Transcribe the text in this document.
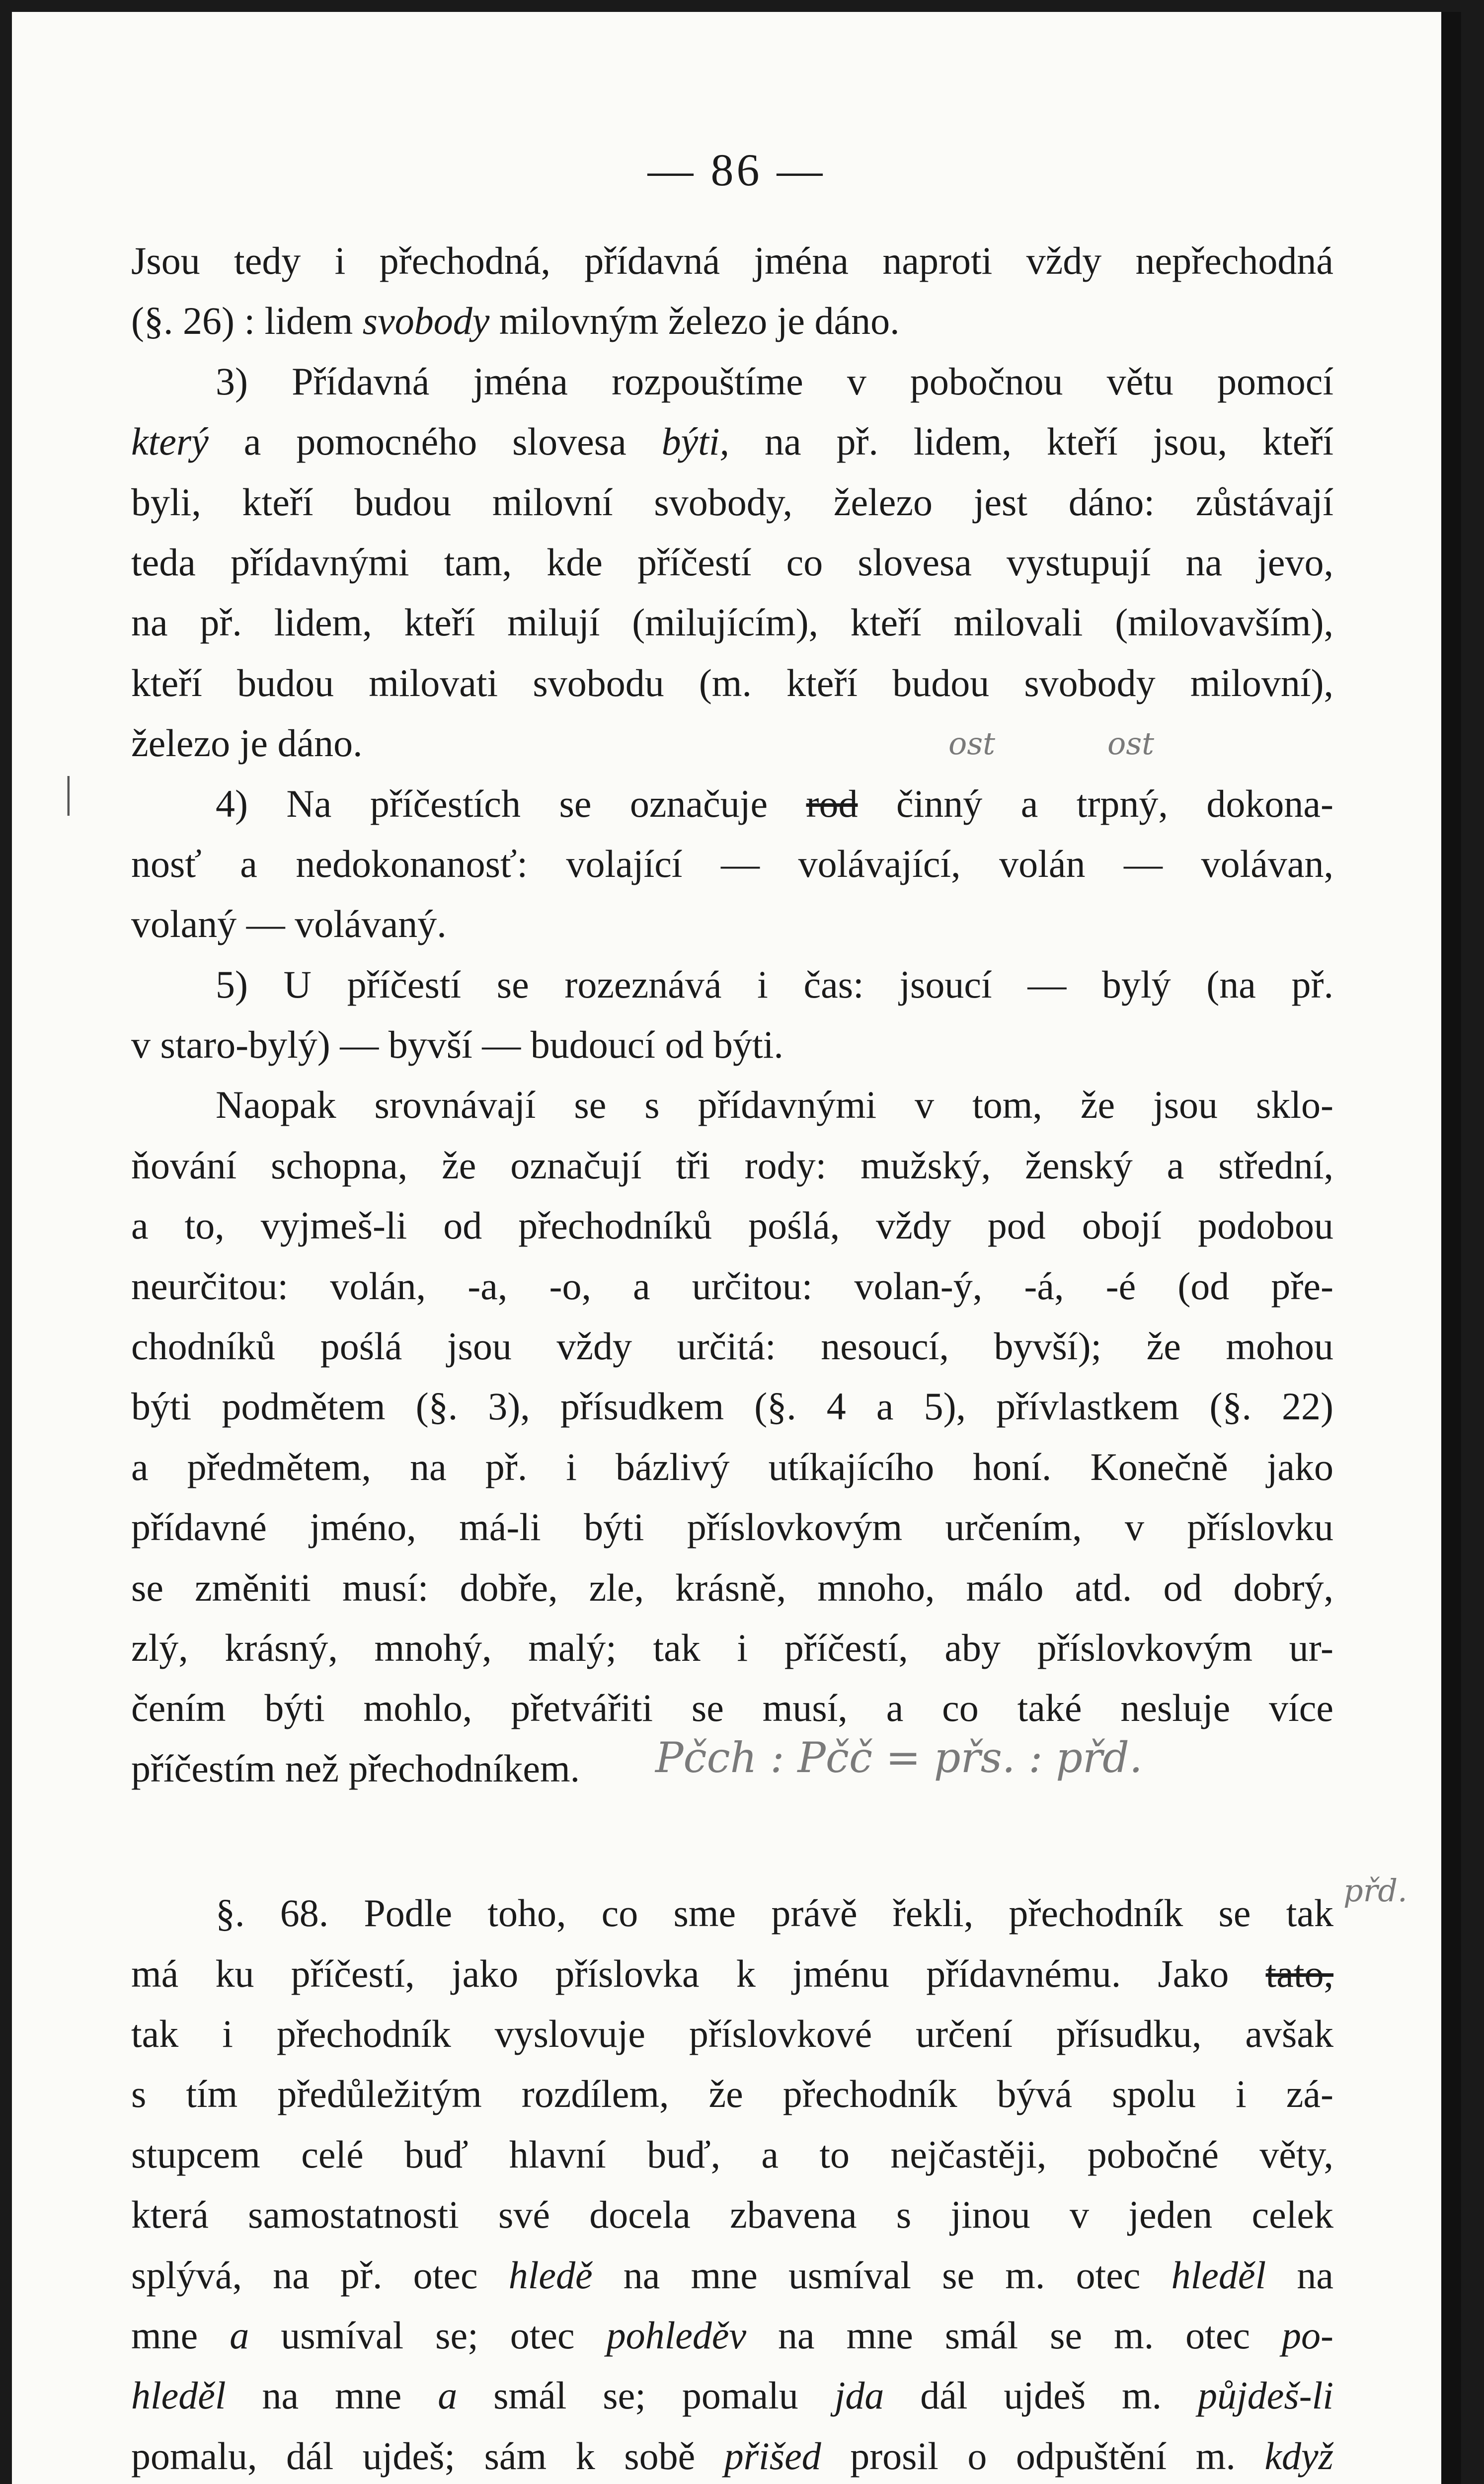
— 86 —
|
Jsou tedy i přechodná, přídavná jména naproti vždy nepřechodná
(§. 26) : lidem svobody milovným železo je dáno.
3) Přídavná jména rozpouštíme v pobočnou větu pomocí
který a pomocného slovesa býti, na př. lidem, kteří jsou, kteří
byli, kteří budou milovní svobody, železo jest dáno: zůstávají
teda přídavnými tam, kde příčestí co slovesa vystupují na jevo,
na př. lidem, kteří milují (milujícím), kteří milovali (milovavším),
kteří budou milovati svobodu (m. kteří budou svobody milovní),
železo je dáno.
4) Na příčestích se označuje rod činný a trpný, dokona-
nosť a nedokonanosť: volající — volávající, volán — volávan,
volaný — volávaný.
5) U příčestí se rozeznává i čas: jsoucí — bylý (na př.
v staro-bylý) — byvší — budoucí od býti.
Naopak srovnávají se s přídavnými v tom, že jsou sklo-
ňování schopna, že označují tři rody: mužský, ženský a střední,
a to, vyjmeš-li od přechodníků poślá, vždy pod obojí podobou
neurčitou: volán, -a, -o, a určitou: volan-ý, -á, -é (od pře-
chodníků poślá jsou vždy určitá: nesoucí, byvší); že mohou
býti podmětem (§. 3), přísudkem (§. 4 a 5), přívlastkem (§. 22)
a předmětem, na př. i bázlivý utíkajícího honí. Konečně jako
přídavné jméno, má-li býti příslovkovým určením, v příslovku
se změniti musí: dobře, zle, krásně, mnoho, málo atd. od dobrý,
zlý, krásný, mnohý, malý; tak i příčestí, aby příslovkovým ur-
čením býti mohlo, přetvářiti se musí, a co také nesluje více
příčestím než přechodníkem.
§. 68. Podle toho, co sme právě řekli, přechodník se tak
má ku příčestí, jako příslovka k jménu přídavnému. Jako tato,
tak i přechodník vyslovuje příslovkové určení přísudku, avšak
s tím předůležitým rozdílem, že přechodník bývá spolu i zá-
stupcem celé buď hlavní buď, a to nejčastěji, pobočné věty,
která samostatnosti své docela zbavena s jinou v jeden celek
splývá, na př. otec hledě na mne usmíval se m. otec hleděl na
mne a usmíval se; otec pohleděv na mne smál se m. otec po-
hleděl na mne a smál se; pomalu jda dál ujdeš m. půjdeš-li
pomalu, dál ujdeš; sám k sobě přišed prosil o odpuštění m. když
ost	ost
Pčch : Pčč = přs. : přd.
přd.
